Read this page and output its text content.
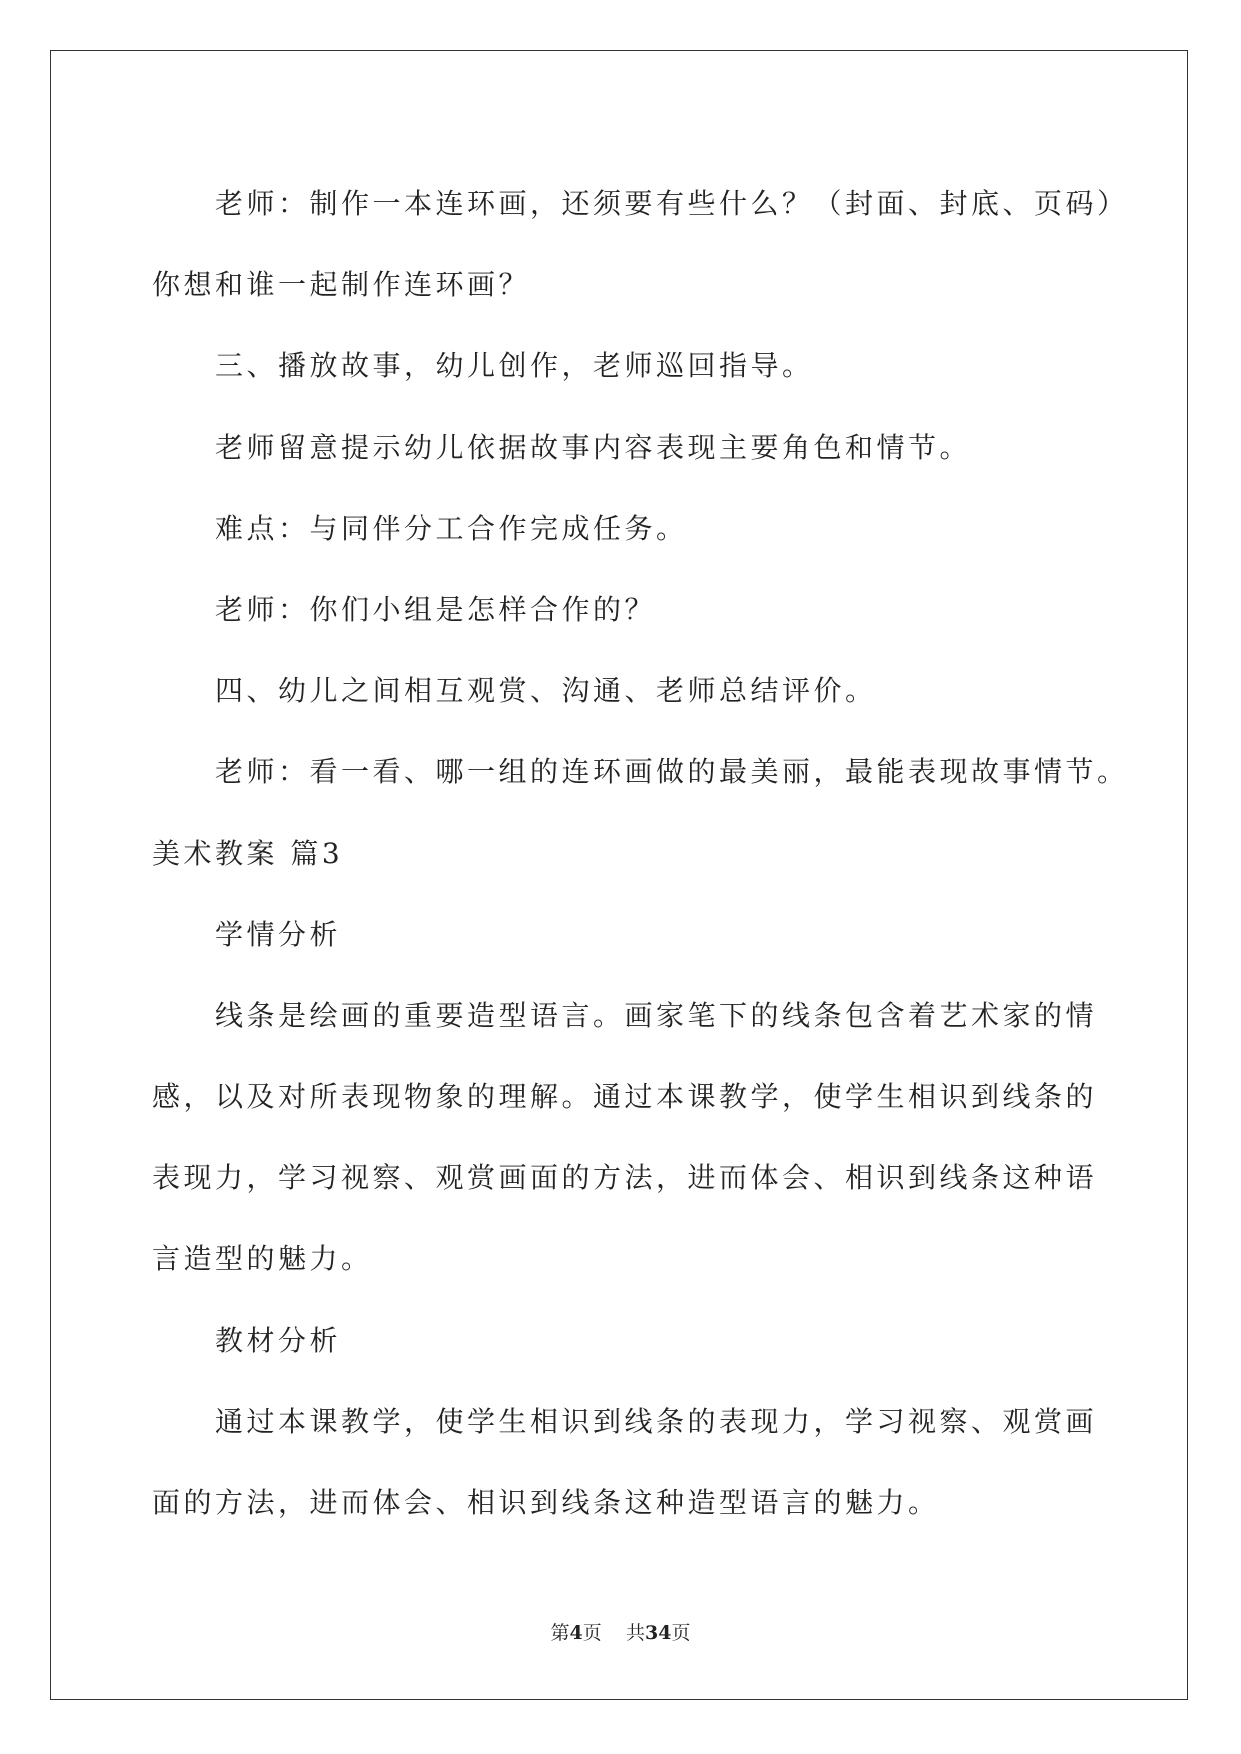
老师：制作一本连环画，还须要有些什么？（封面、封底、页码）
你想和谁一起制作连环画？
三、播放故事，幼儿创作，老师巡回指导。
老师留意提示幼儿依据故事内容表现主要角色和情节。
难点：与同伴分工合作完成任务。
老师：你们小组是怎样合作的？
四、幼儿之间相互观赏、沟通、老师总结评价。
老师：看一看、哪一组的连环画做的最美丽，最能表现故事情节。
美术教案 篇3
学情分析
线条是绘画的重要造型语言。画家笔下的线条包含着艺术家的情
感，以及对所表现物象的理解。通过本课教学，使学生相识到线条的
表现力，学习视察、观赏画面的方法，进而体会、相识到线条这种语
言造型的魅力。
教材分析
通过本课教学，使学生相识到线条的表现力，学习视察、观赏画
面的方法，进而体会、相识到线条这种造型语言的魅力。
第4页 共34页
